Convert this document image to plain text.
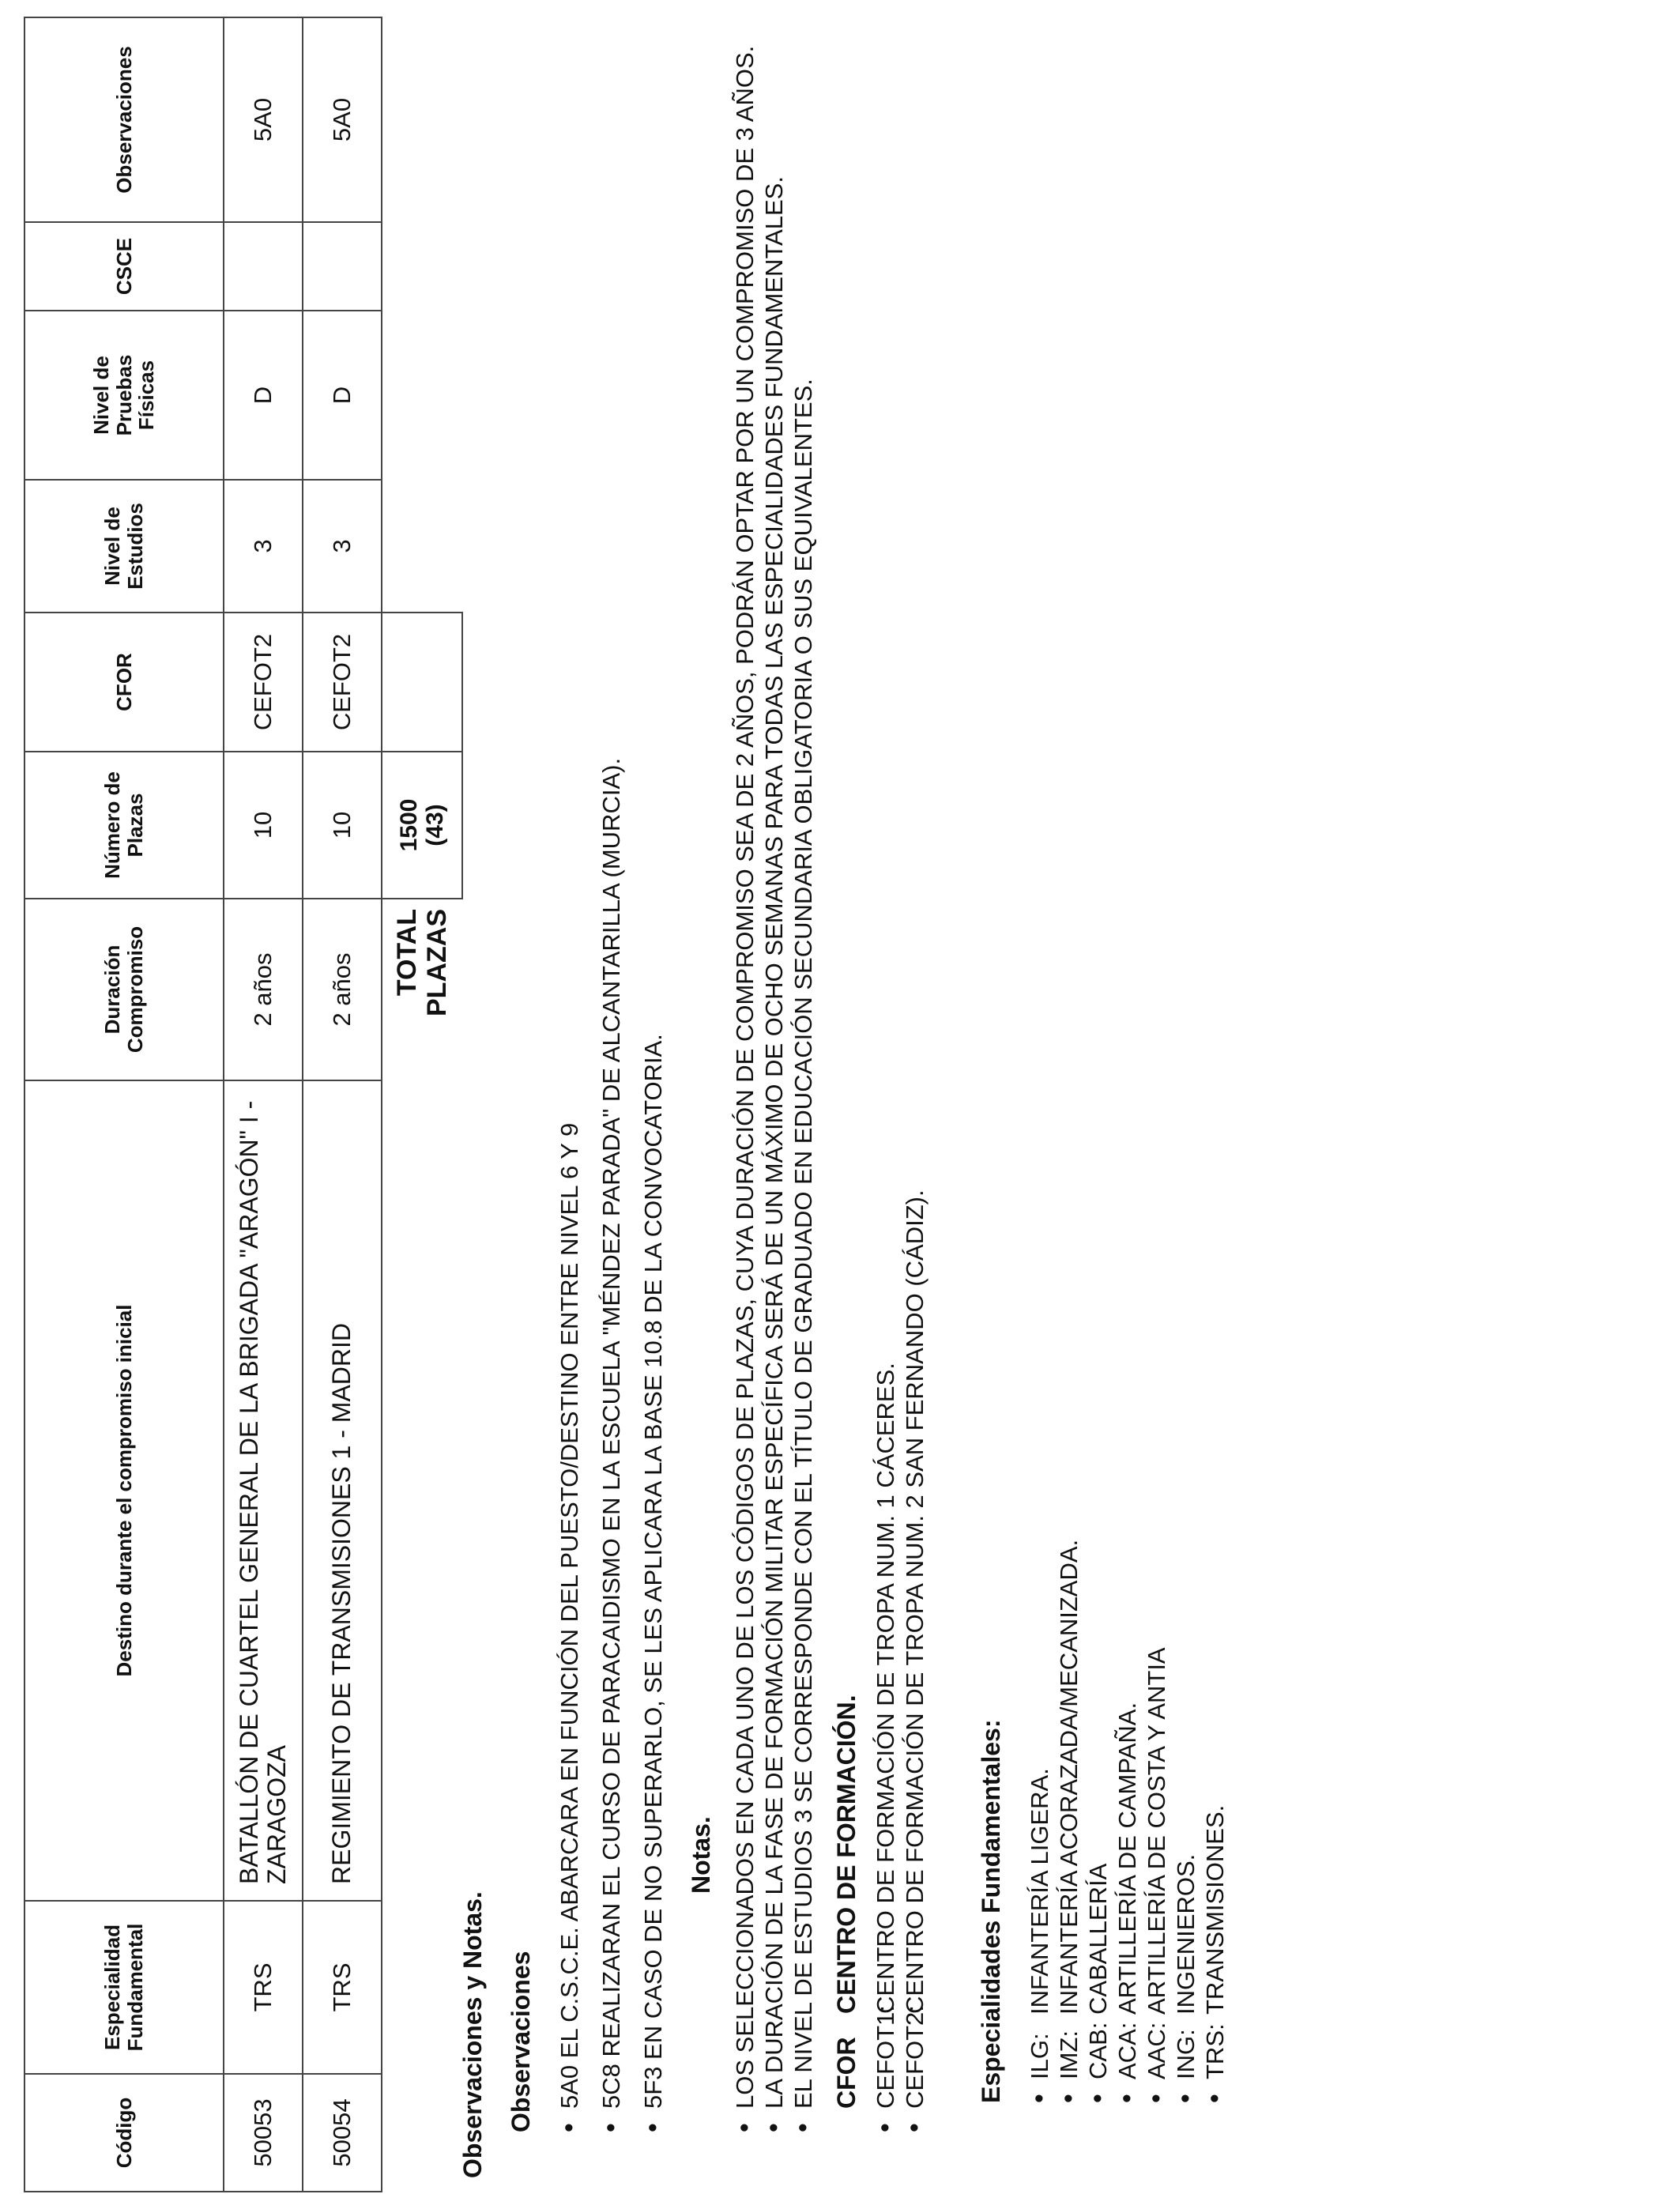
Código	Especialidad Fundamental	Destino durante el compromiso inicial	Duración Compromiso	Número de Plazas	CFOR	Nivel de Estudios	Nivel de Pruebas Físicas	CSCE	Observaciones
50053	TRS	BATALLÓN DE CUARTEL GENERAL DE LA BRIGADA "ARAGÓN" I - ZARAGOZA	2 años	10	CEFOT2	3	D		5A0
50054	TRS	REGIMIENTO DE TRANSMISIONES 1 - MADRID	2 años	10	CEFOT2	3	D		5A0
			TOTAL PLAZAS	1500 (43)					

Observaciones y Notas. Observaciones • 5A0 EL C.S.C.E. ABARCARA EN FUNCIÓN DEL PUESTO/DESTINO ENTRE NIVEL 6 Y 9 • 5C8 REALIZARAN EL CURSO DE PARACAIDISMO EN LA ESCUELA "MÉNDEZ PARADA" DE ALCANTARILLA (MURCIA). • 5F3 EN CASO DE NO SUPERARLO, SE LES APLICARA LA BASE 10.8 DE LA CONVOCATORIA. Notas. • LOS SELECCIONADOS EN CADA UNO DE LOS CÓDIGOS DE PLAZAS, CUYA DURACIÓN DE COMPROMISO SEA DE 2 AÑOS, PODRÁN OPTAR POR UN COMPROMISO DE 3 AÑOS. • LA DURACIÓN DE LA FASE DE FORMACIÓN MILITAR ESPECÍFICA SERÁ DE UN MÁXIMO DE OCHO SEMANAS PARA TODAS LAS ESPECIALIDADES FUNDAMENTALES. • EL NIVEL DE ESTUDIOS 3 SE CORRESPONDE CON EL TÍTULO DE GRADUADO EN EDUCACIÓN SECUNDARIA OBLIGATORIA O SUS EQUIVALENTES. CFOR
CENTRO DE FORMACIÓN.
• CEFOT1:
CENTRO DE FORMACIÓN DE TROPA NUM. 1 CÁCERES.
• CEFOT2:
CENTRO DE FORMACIÓN DE TROPA NUM. 2 SAN FERNANDO (CÁDIZ). Especialidades Fundamentales: • ILG:
INFANTERÍA LIGERA.
• IMZ:
INFANTERÍA ACORAZADA/MECANIZADA.
• CAB:
CABALLERÍA
• ACA:
ARTILLERÍA DE CAMPAÑA.
• AAC:
ARTILLERÍA DE COSTA Y ANTIA
• ING:
INGENIEROS.
• TRS:
TRANSMISIONES.
